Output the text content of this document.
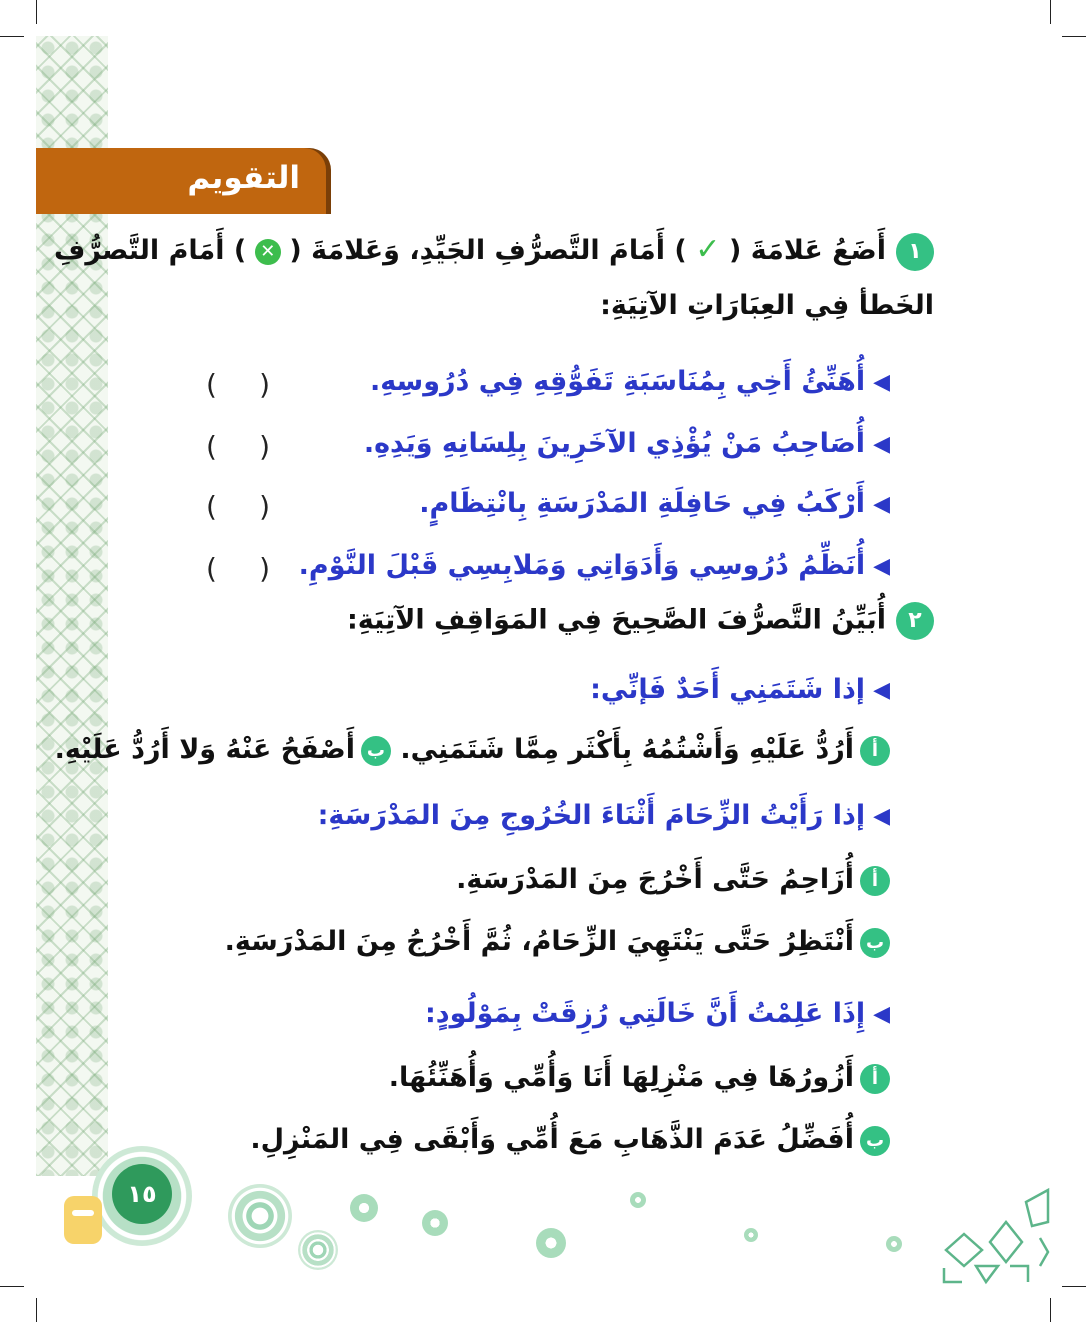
التقويم
١أَضَعُ عَلامَةَ ( ✓ ) أَمَامَ التَّصرُّفِ الجَيِّدِ، وَعَلامَةَ ( ✕ ) أَمَامَ التَّصرُّفِ
الخَطأ فِي العِبَارَاتِ الآتِيَةِ:
◀أُهَنِّئُ أَخِي بِمُنَاسَبَةِ تَفَوُّقِهِ فِي دُرُوسِهِ.
( )
◀أُصَاحِبُ مَنْ يُؤْذِي الآخَرِينَ بِلِسَانِهِ وَيَدِهِ.
( )
◀أَرْكَبُ فِي حَافِلَةِ المَدْرَسَةِ بِانْتِظَامٍ.
( )
◀أُنَظِّمُ دُرُوسِي وَأَدَوَاتِي وَمَلابِسِي قَبْلَ النَّوْمِ.
( )
٢أُبَيِّنُ التَّصرُّفَ الصَّحِيحَ فِي المَوَاقِفِ الآتِيَةِ:
◀إذا شَتَمَنِي أَحَدٌ فَإنِّي:
أأَرُدُّ عَلَيْهِ وَأَشْتُمُهُ بِأَكْثَر مِمَّا شَتَمَنِي. بأَصْفَحُ عَنْهُ وَلا أَرُدُّ عَلَيْهِ.
◀إذا رَأَيْتُ الزِّحَامَ أَثْنَاءَ الخُرُوجِ مِنَ المَدْرَسَةِ:
أأُزَاحِمُ حَتَّى أَخْرُجَ مِنَ المَدْرَسَةِ.
بأَنْتَظِرُ حَتَّى يَنْتَهِيَ الزِّحَامُ، ثُمَّ أَخْرُجُ مِنَ المَدْرَسَةِ.
◀إِذَا عَلِمْتُ أَنَّ خَالَتِي رُزِقَتْ بِمَوْلُودٍ:
أأَزُورُهَا فِي مَنْزِلِهَا أَنَا وَأُمِّي وَأُهَنِّئُهَا.
بأُفَضِّلُ عَدَمَ الذَّهَابِ مَعَ أُمِّي وَأَبْقَى فِي المَنْزِلِ.
١٥
